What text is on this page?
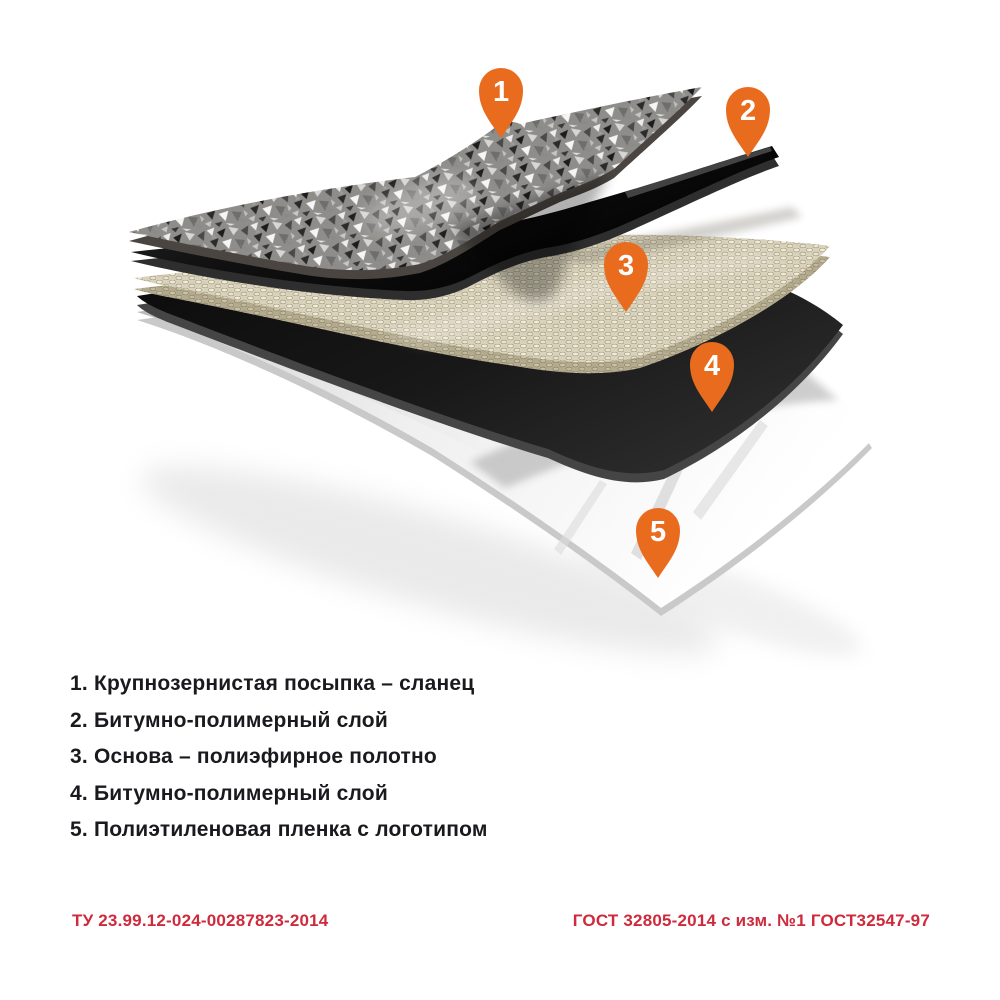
1
2
3
4
5
1. Крупнозернистая посыпка – сланец
2. Битумно-полимерный слой
3. Основа – полиэфирное полотно
4. Битумно-полимерный слой
5. Полиэтиленовая пленка с логотипом
ТУ 23.99.12-024-00287823-2014	ГОСТ 32805-2014 с изм. №1 ГОСТ32547-97
